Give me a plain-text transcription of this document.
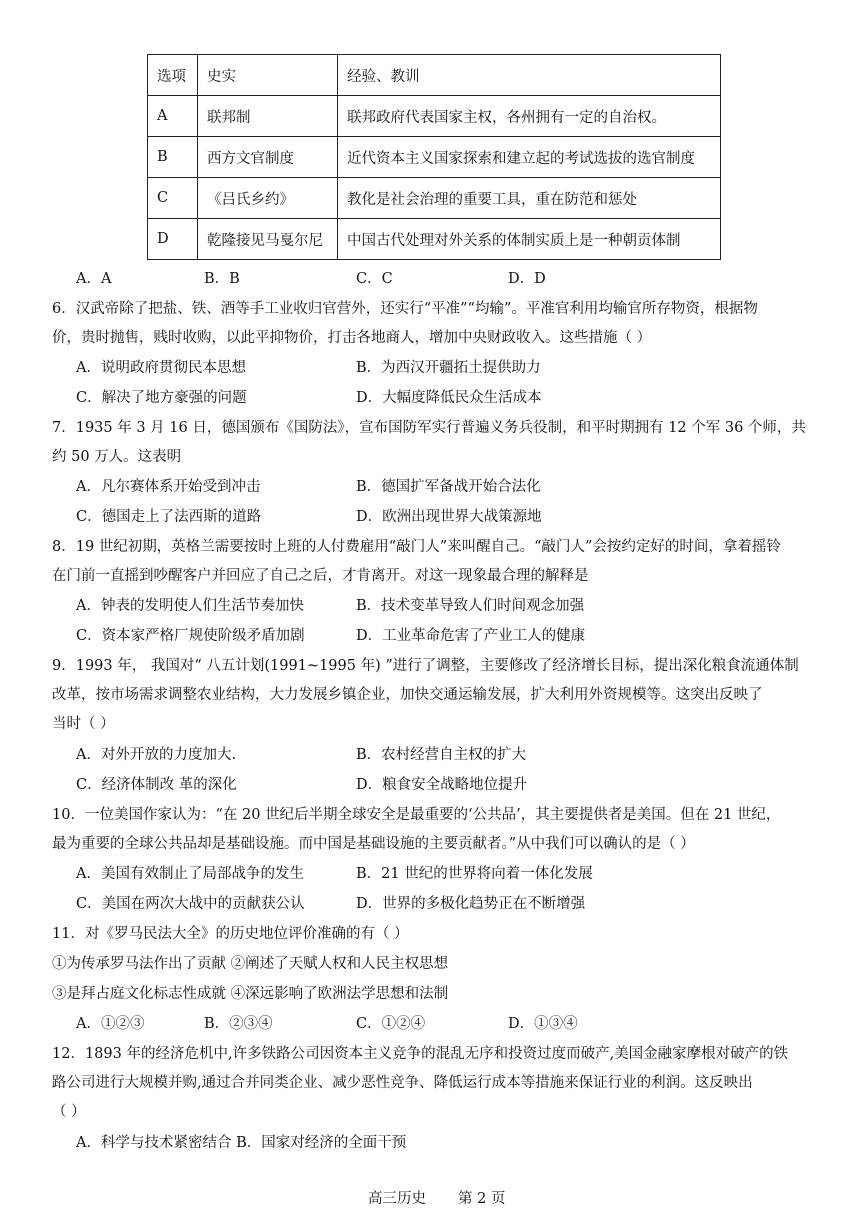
选项	史实	经验、教训
A	联邦制	联邦政府代表国家主权，各州拥有一定的自治权。
B	西方文官制度	近代资本主义国家探索和建立起的考试选拔的选官制度
C	《吕氏乡约》	教化是社会治理的重要工具，重在防范和惩处
D	乾隆接见马戛尔尼	中国古代处理对外关系的体制实质上是一种朝贡体制
A．A	B．B	C．C	D．D
6．汉武帝除了把盐、铁、酒等手工业收归官营外，还实行“平准”“均输”。平准官利用均输官所存物资，根据物
价，贵时抛售，贱时收购，以此平抑物价，打击各地商人，增加中央财政收入。这些措施（ ）
A．说明政府贯彻民本思想	B．为西汉开疆拓土提供助力
C．解决了地方豪强的问题	D．大幅度降低民众生活成本
7．1935 年 3 月 16 日，德国颁布《国防法》，宣布国防军实行普遍义务兵役制，和平时期拥有 12 个军 36 个师，共
约 50 万人。这表明
A．凡尔赛体系开始受到冲击	B．德国扩军备战开始合法化
C．德国走上了法西斯的道路	D．欧洲出现世界大战策源地
8．19 世纪初期，英格兰需要按时上班的人付费雇用“敲门人”来叫醒自己。“敲门人”会按约定好的时间，拿着摇铃
在门前一直摇到吵醒客户并回应了自己之后，才肯离开。对这一现象最合理的解释是
A．钟表的发明使人们生活节奏加快	B．技术变革导致人们时间观念加强
C．资本家严格厂规使阶级矛盾加剧	D．工业革命危害了产业工人的健康
9．1993 年， 我国对“ 八五计划(1991~1995 年) ”进行了调整，主要修改了经济增长目标，提出深化粮食流通体制
改革，按市场需求调整农业结构，大力发展乡镇企业，加快交通运输发展，扩大利用外资规模等。这突出反映了
当时（ ）
A．对外开放的力度加大.	B．农村经营自主权的扩大
C．经济体制改 革的深化	D．粮食安全战略地位提升
10．一位美国作家认为：“在 20 世纪后半期全球安全是最重要的‘公共品’，其主要提供者是美国。但在 21 世纪，
最为重要的全球公共品却是基础设施。而中国是基础设施的主要贡献者。”从中我们可以确认的是（ ）
A．美国有效制止了局部战争的发生	B．21 世纪的世界将向着一体化发展
C．美国在两次大战中的贡献获公认	D．世界的多极化趋势正在不断增强
11．对《罗马民法大全》的历史地位评价准确的有（ ）
①为传承罗马法作出了贡献 ②阐述了天赋人权和人民主权思想
③是拜占庭文化标志性成就 ④深远影响了欧洲法学思想和法制
A．①②③	B．②③④	C．①②④	D．①③④
12．1893 年的经济危机中,许多铁路公司因资本主义竞争的混乱无序和投资过度而破产,美国金融家摩根对破产的铁
路公司进行大规模并购,通过合并同类企业、减少恶性竞争、降低运行成本等措施来保证行业的利润。这反映出
（ ）
A．科学与技术紧密结合 B．国家对经济的全面干预
高三历史 第 2 页
